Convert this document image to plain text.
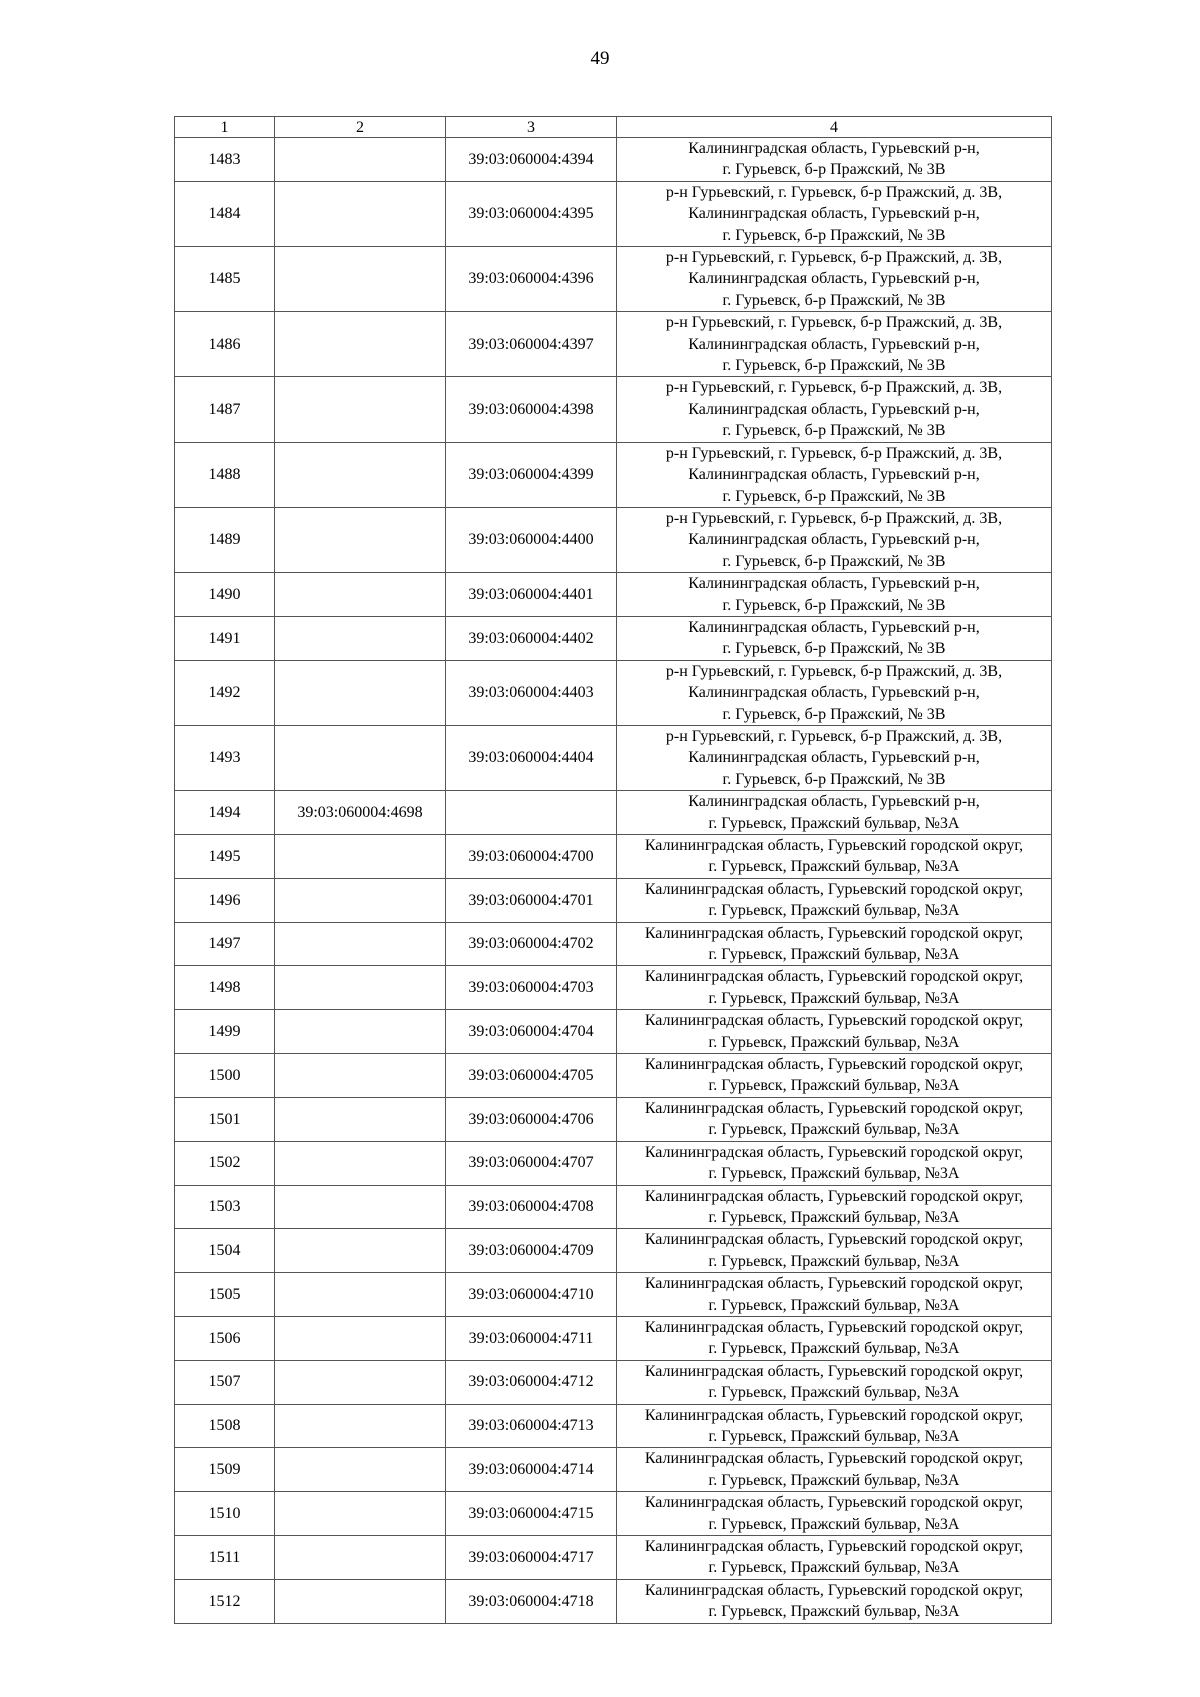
49
1	2	3	4
1483		39:03:060004:4394	Калининградская область, Гурьевский р-н,
г. Гурьевск, б-р Пражский, № 3В
1484		39:03:060004:4395	р-н Гурьевский, г. Гурьевск, б-р Пражский, д. 3В,
Калининградская область, Гурьевский р-н,
г. Гурьевск, б-р Пражский, № 3В
1485		39:03:060004:4396	р-н Гурьевский, г. Гурьевск, б-р Пражский, д. 3В,
Калининградская область, Гурьевский р-н,
г. Гурьевск, б-р Пражский, № 3В
1486		39:03:060004:4397	р-н Гурьевский, г. Гурьевск, б-р Пражский, д. 3В,
Калининградская область, Гурьевский р-н,
г. Гурьевск, б-р Пражский, № 3В
1487		39:03:060004:4398	р-н Гурьевский, г. Гурьевск, б-р Пражский, д. 3В,
Калининградская область, Гурьевский р-н,
г. Гурьевск, б-р Пражский, № 3В
1488		39:03:060004:4399	р-н Гурьевский, г. Гурьевск, б-р Пражский, д. 3В,
Калининградская область, Гурьевский р-н,
г. Гурьевск, б-р Пражский, № 3В
1489		39:03:060004:4400	р-н Гурьевский, г. Гурьевск, б-р Пражский, д. 3В,
Калининградская область, Гурьевский р-н,
г. Гурьевск, б-р Пражский, № 3В
1490		39:03:060004:4401	Калининградская область, Гурьевский р-н,
г. Гурьевск, б-р Пражский, № 3В
1491		39:03:060004:4402	Калининградская область, Гурьевский р-н,
г. Гурьевск, б-р Пражский, № 3В
1492		39:03:060004:4403	р-н Гурьевский, г. Гурьевск, б-р Пражский, д. 3В,
Калининградская область, Гурьевский р-н,
г. Гурьевск, б-р Пражский, № 3В
1493		39:03:060004:4404	р-н Гурьевский, г. Гурьевск, б-р Пражский, д. 3В,
Калининградская область, Гурьевский р-н,
г. Гурьевск, б-р Пражский, № 3В
1494	39:03:060004:4698		Калининградская область, Гурьевский р-н,
г. Гурьевск, Пражский бульвар, №3А
1495		39:03:060004:4700	Калининградская область, Гурьевский городской округ,
г. Гурьевск, Пражский бульвар, №3А
1496		39:03:060004:4701	Калининградская область, Гурьевский городской округ,
г. Гурьевск, Пражский бульвар, №3А
1497		39:03:060004:4702	Калининградская область, Гурьевский городской округ,
г. Гурьевск, Пражский бульвар, №3А
1498		39:03:060004:4703	Калининградская область, Гурьевский городской округ,
г. Гурьевск, Пражский бульвар, №3А
1499		39:03:060004:4704	Калининградская область, Гурьевский городской округ,
г. Гурьевск, Пражский бульвар, №3А
1500		39:03:060004:4705	Калининградская область, Гурьевский городской округ,
г. Гурьевск, Пражский бульвар, №3А
1501		39:03:060004:4706	Калининградская область, Гурьевский городской округ,
г. Гурьевск, Пражский бульвар, №3А
1502		39:03:060004:4707	Калининградская область, Гурьевский городской округ,
г. Гурьевск, Пражский бульвар, №3А
1503		39:03:060004:4708	Калининградская область, Гурьевский городской округ,
г. Гурьевск, Пражский бульвар, №3А
1504		39:03:060004:4709	Калининградская область, Гурьевский городской округ,
г. Гурьевск, Пражский бульвар, №3А
1505		39:03:060004:4710	Калининградская область, Гурьевский городской округ,
г. Гурьевск, Пражский бульвар, №3А
1506		39:03:060004:4711	Калининградская область, Гурьевский городской округ,
г. Гурьевск, Пражский бульвар, №3А
1507		39:03:060004:4712	Калининградская область, Гурьевский городской округ,
г. Гурьевск, Пражский бульвар, №3А
1508		39:03:060004:4713	Калининградская область, Гурьевский городской округ,
г. Гурьевск, Пражский бульвар, №3А
1509		39:03:060004:4714	Калининградская область, Гурьевский городской округ,
г. Гурьевск, Пражский бульвар, №3А
1510		39:03:060004:4715	Калининградская область, Гурьевский городской округ,
г. Гурьевск, Пражский бульвар, №3А
1511		39:03:060004:4717	Калининградская область, Гурьевский городской округ,
г. Гурьевск, Пражский бульвар, №3А
1512		39:03:060004:4718	Калининградская область, Гурьевский городской округ,
г. Гурьевск, Пражский бульвар, №3А
